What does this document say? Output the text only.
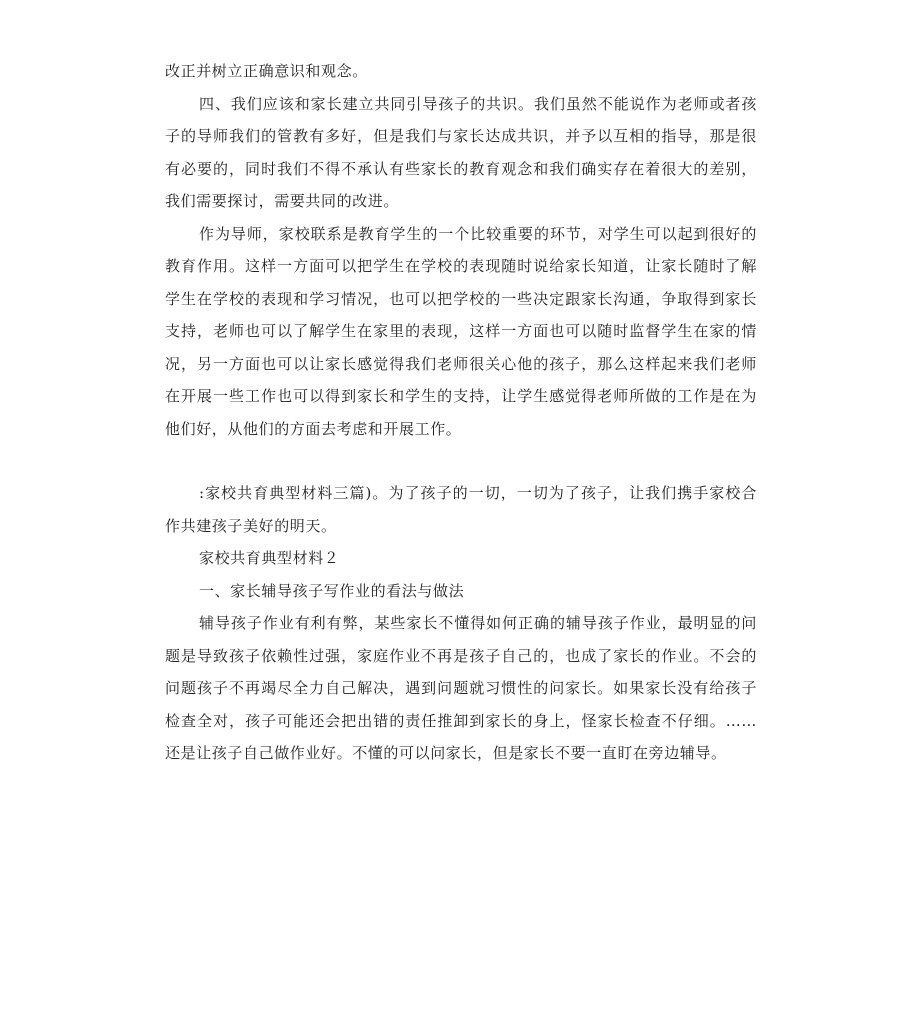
改正并树立正确意识和观念。

四、我们应该和家长建立共同引导孩子的共识。我们虽然不能说作为老师或者孩子的导师我们的管教有多好，但是我们与家长达成共识，并予以互相的指导，那是很有必要的，同时我们不得不承认有些家长的教育观念和我们确实存在着很大的差别，我们需要探讨，需要共同的改进。

作为导师，家校联系是教育学生的一个比较重要的环节，对学生可以起到很好的教育作用。这样一方面可以把学生在学校的表现随时说给家长知道，让家长随时了解学生在学校的表现和学习情况，也可以把学校的一些决定跟家长沟通，争取得到家长支持，老师也可以了解学生在家里的表现，这样一方面也可以随时监督学生在家的情况，另一方面也可以让家长感觉得我们老师很关心他的孩子，那么这样起来我们老师在开展一些工作也可以得到家长和学生的支持，让学生感觉得老师所做的工作是在为他们好，从他们的方面去考虑和开展工作。

:家校共育典型材料三篇)。为了孩子的一切，一切为了孩子，让我们携手家校合作共建孩子美好的明天。

家校共育典型材料２

一、家长辅导孩子写作业的看法与做法

辅导孩子作业有利有弊，某些家长不懂得如何正确的辅导孩子作业，最明显的问题是导致孩子依赖性过强，家庭作业不再是孩子自己的，也成了家长的作业。不会的问题孩子不再竭尽全力自己解决，遇到问题就习惯性的问家长。如果家长没有给孩子检查全对，孩子可能还会把出错的责任推卸到家长的身上，怪家长检查不仔细。……还是让孩子自己做作业好。不懂的可以问家长，但是家长不要一直盯在旁边辅导。
